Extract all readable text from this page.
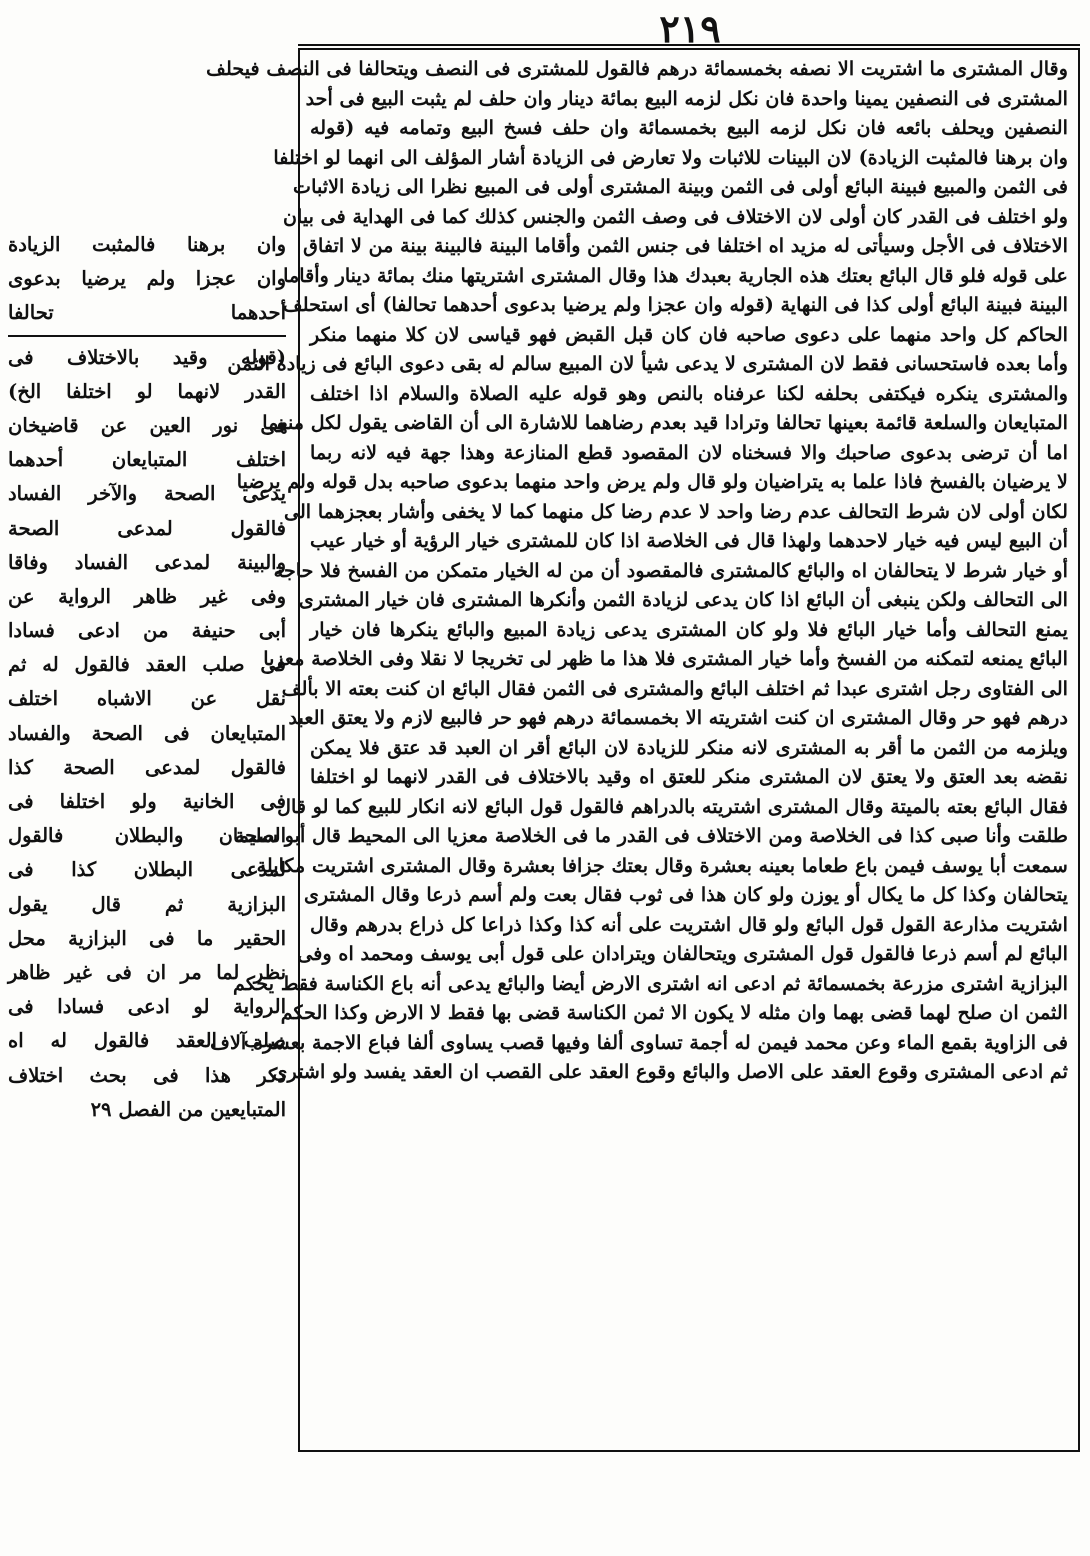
٢١٩
وقال المشترى ما اشتريت الا نصفه بخمسمائة درهم فالقول للمشترى فى النصف ويتحالفا فى النصف فيحلف
المشترى فى النصفين يمينا واحدة فان نكل لزمه البيع بمائة دينار وان حلف لم يثبت البيع فى أحد
النصفين ويحلف بائعه فان نكل لزمه البيع بخمسمائة وان حلف فسخ البيع وتمامه فيه (قوله
وان برهنا فالمثبت الزيادة) لان البينات للاثبات ولا تعارض فى الزيادة أشار المؤلف الى انهما لو اختلفا
فى الثمن والمبيع فبينة البائع أولى فى الثمن وبينة المشترى أولى فى المبيع نظرا الى زيادة الاثبات
ولو اختلف فى القدر كان أولى لان الاختلاف فى وصف الثمن والجنس كذلك كما فى الهداية فى بيان
الاختلاف فى الأجل وسيأتى له مزيد اه اختلفا فى جنس الثمن وأقاما البينة فالبينة بينة من لا اتفاق
على قوله فلو قال البائع بعتك هذه الجارية بعبدك هذا وقال المشترى اشتريتها منك بمائة دينار وأقاما
البينة فبينة البائع أولى كذا فى النهاية (قوله وان عجزا ولم يرضيا بدعوى أحدهما تحالفا) أى استحلف
الحاكم كل واحد منهما على دعوى صاحبه فان كان قبل القبض فهو قياسى لان كلا منهما منكر
وأما بعده فاستحسانى فقط لان المشترى لا يدعى شيأ لان المبيع سالم له بقى دعوى البائع فى زيادة الثمن
والمشترى ينكره فيكتفى بحلفه لكنا عرفناه بالنص وهو قوله عليه الصلاة والسلام اذا اختلف
المتبايعان والسلعة قائمة بعينها تحالفا وترادا قيد بعدم رضاهما للاشارة الى أن القاضى يقول لكل منهما
اما أن ترضى بدعوى صاحبك والا فسخناه لان المقصود قطع المنازعة وهذا جهة فيه لانه ربما
لا يرضيان بالفسخ فاذا علما به يتراضيان ولو قال ولم يرض واحد منهما بدعوى صاحبه بدل قوله ولم يرضيا
لكان أولى لان شرط التحالف عدم رضا واحد لا عدم رضا كل منهما كما لا يخفى وأشار بعجزهما الى
أن البيع ليس فيه خيار لاحدهما ولهذا قال فى الخلاصة اذا كان للمشترى خيار الرؤية أو خيار عيب
أو خيار شرط لا يتحالفان اه والبائع كالمشترى فالمقصود أن من له الخيار متمكن من الفسخ فلا حاجة
الى التحالف ولكن ينبغى أن البائع اذا كان يدعى لزيادة الثمن وأنكرها المشترى فان خيار المشترى
يمنع التحالف وأما خيار البائع فلا ولو كان المشترى يدعى زيادة المبيع والبائع ينكرها فان خيار
البائع يمنعه لتمكنه من الفسخ وأما خيار المشترى فلا هذا ما ظهر لى تخريجا لا نقلا وفى الخلاصة معزيا
الى الفتاوى رجل اشترى عبدا ثم اختلف البائع والمشترى فى الثمن فقال البائع ان كنت بعته الا بألف
درهم فهو حر وقال المشترى ان كنت اشتريته الا بخمسمائة درهم فهو حر فالبيع لازم ولا يعتق العبد
ويلزمه من الثمن ما أقر به المشترى لانه منكر للزيادة لان البائع أقر ان العبد قد عتق فلا يمكن
نقضه بعد العتق ولا يعتق لان المشترى منكر للعتق اه وقيد بالاختلاف فى القدر لانهما لو اختلفا
فقال البائع بعته بالميتة وقال المشترى اشتريته بالدراهم فالقول قول البائع لانه انكار للبيع كما لو قال
طلقت وأنا صبى كذا فى الخلاصة ومن الاختلاف فى القدر ما فى الخلاصة معزيا الى المحيط قال أبو سليمان
سمعت أبا يوسف فيمن باع طعاما بعينه بعشرة وقال بعتك جزافا بعشرة وقال المشترى اشتريت مكايلة
يتحالفان وكذا كل ما يكال أو يوزن ولو كان هذا فى ثوب فقال بعت ولم أسم ذرعا وقال المشترى
اشتريت مذارعة القول قول البائع ولو قال اشتريت على أنه كذا وكذا ذراعا كل ذراع بدرهم وقال
البائع لم أسم ذرعا فالقول قول المشترى ويتحالفان ويترادان على قول أبى يوسف ومحمد اه وفى
البزازية اشترى مزرعة بخمسمائة ثم ادعى انه اشترى الارض أيضا والبائع يدعى أنه باع الكناسة فقط يحكم
الثمن ان صلح لهما قضى بهما وان مثله لا يكون الا ثمن الكناسة قضى بها فقط لا الارض وكذا الحكم
فى الزاوية بقمع الماء وعن محمد فيمن له أجمة تساوى ألفا وفيها قصب يساوى ألفا فباع الاجمة بعشرة آلاف
ثم ادعى المشترى وقوع العقد على الاصل والبائع وقوع العقد على القصب ان العقد يفسد ولو اشترى
وان برهنا فالمثبت الزيادة
وان عجزا ولم يرضيا بدعوى
أحدهما تحالفا
(قوله وقيد بالاختلاف فى
القدر لانهما لو اختلفا الخ)
فى نور العين عن قاضيخان
اختلف المتبايعان أحدهما
يدعى الصحة والآخر الفساد
فالقول لمدعى الصحة
والبينة لمدعى الفساد وفاقا
وفى غير ظاهر الرواية عن
أبى حنيفة من ادعى فسادا
فى صلب العقد فالقول له ثم
نقل عن الاشباه اختلف
المتبايعان فى الصحة والفساد
فالقول لمدعى الصحة كذا
فى الخانية ولو اختلفا فى
الصحة والبطلان فالقول
لمدعى البطلان كذا فى
البزازية ثم قال يقول
الحقير ما فى البزازية محل
نظر لما مر ان فى غير ظاهر
الرواية لو ادعى فسادا فى
صلب العقد فالقول له اه
ذكر هذا فى بحث اختلاف
المتبايعين من الفصل ٢٩
